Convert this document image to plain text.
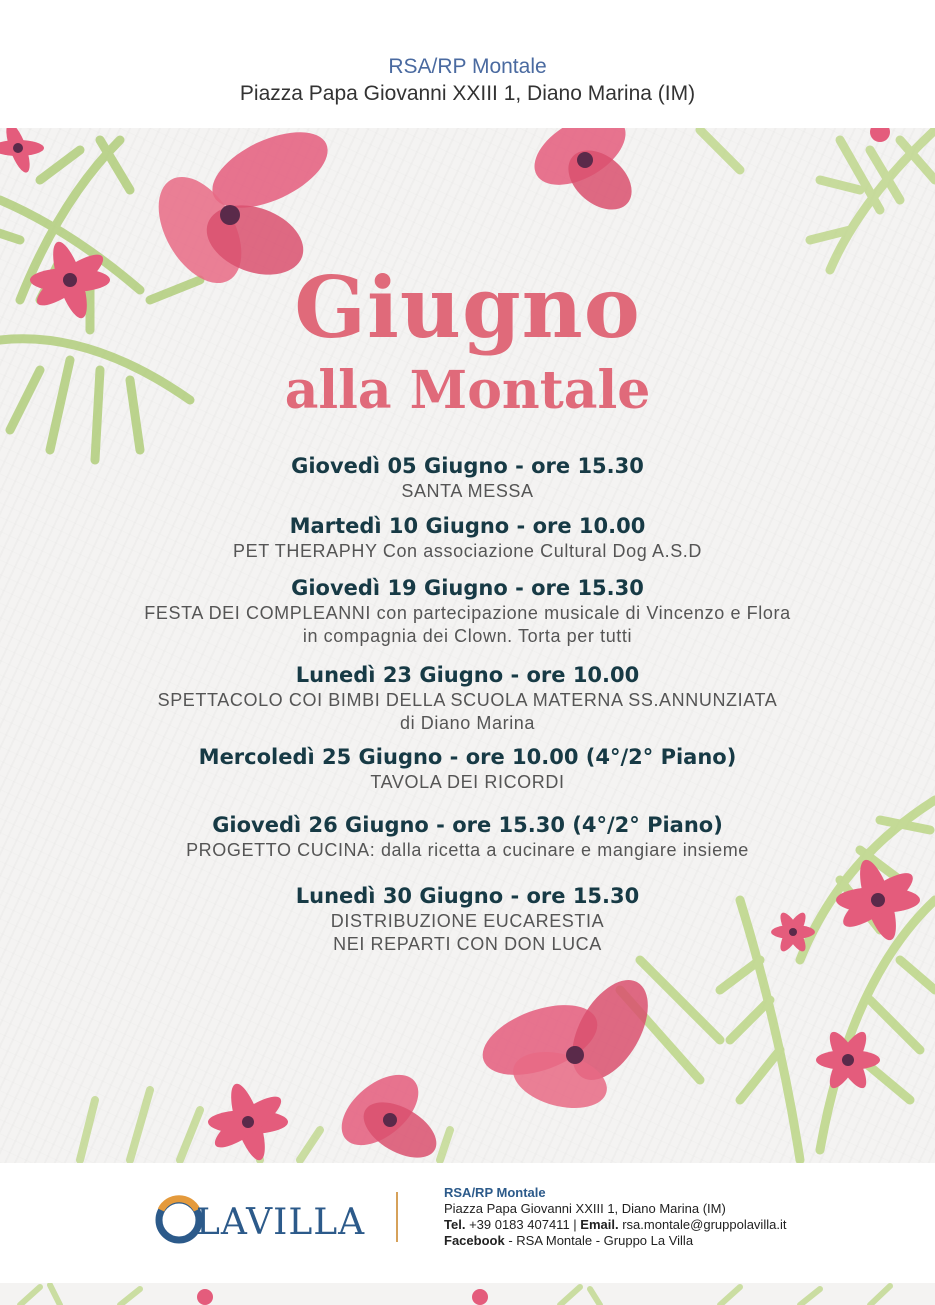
RSA/RP Montale
Piazza Papa Giovanni XXIII 1, Diano Marina (IM)
Giugno
alla Montale
Giovedì 05 Giugno - ore 15.30
SANTA MESSA
Martedì 10 Giugno - ore 10.00
PET THERAPHY Con associazione Cultural Dog A.S.D
Giovedì 19 Giugno - ore 15.30
FESTA DEI COMPLEANNI con partecipazione musicale di Vincenzo e Flora
in compagnia dei Clown. Torta per tutti
Lunedì 23 Giugno - ore 10.00
SPETTACOLO COI BIMBI DELLA SCUOLA MATERNA SS.ANNUNZIATA
di Diano Marina
Mercoledì 25 Giugno - ore 10.00 (4°/2° Piano)
TAVOLA DEI RICORDI
Giovedì 26 Giugno - ore 15.30 (4°/2° Piano)
PROGETTO CUCINA: dalla ricetta a cucinare e mangiare insieme
Lunedì 30 Giugno - ore 15.30
DISTRIBUZIONE EUCARESTIA
NEI REPARTI CON DON LUCA
LAVILLA
RSA/RP Montale
Piazza Papa Giovanni XXIII 1, Diano Marina (IM)
Tel. +39 0183 407411 | Email. rsa.montale@gruppolavilla.it
Facebook - RSA Montale - Gruppo La Villa
